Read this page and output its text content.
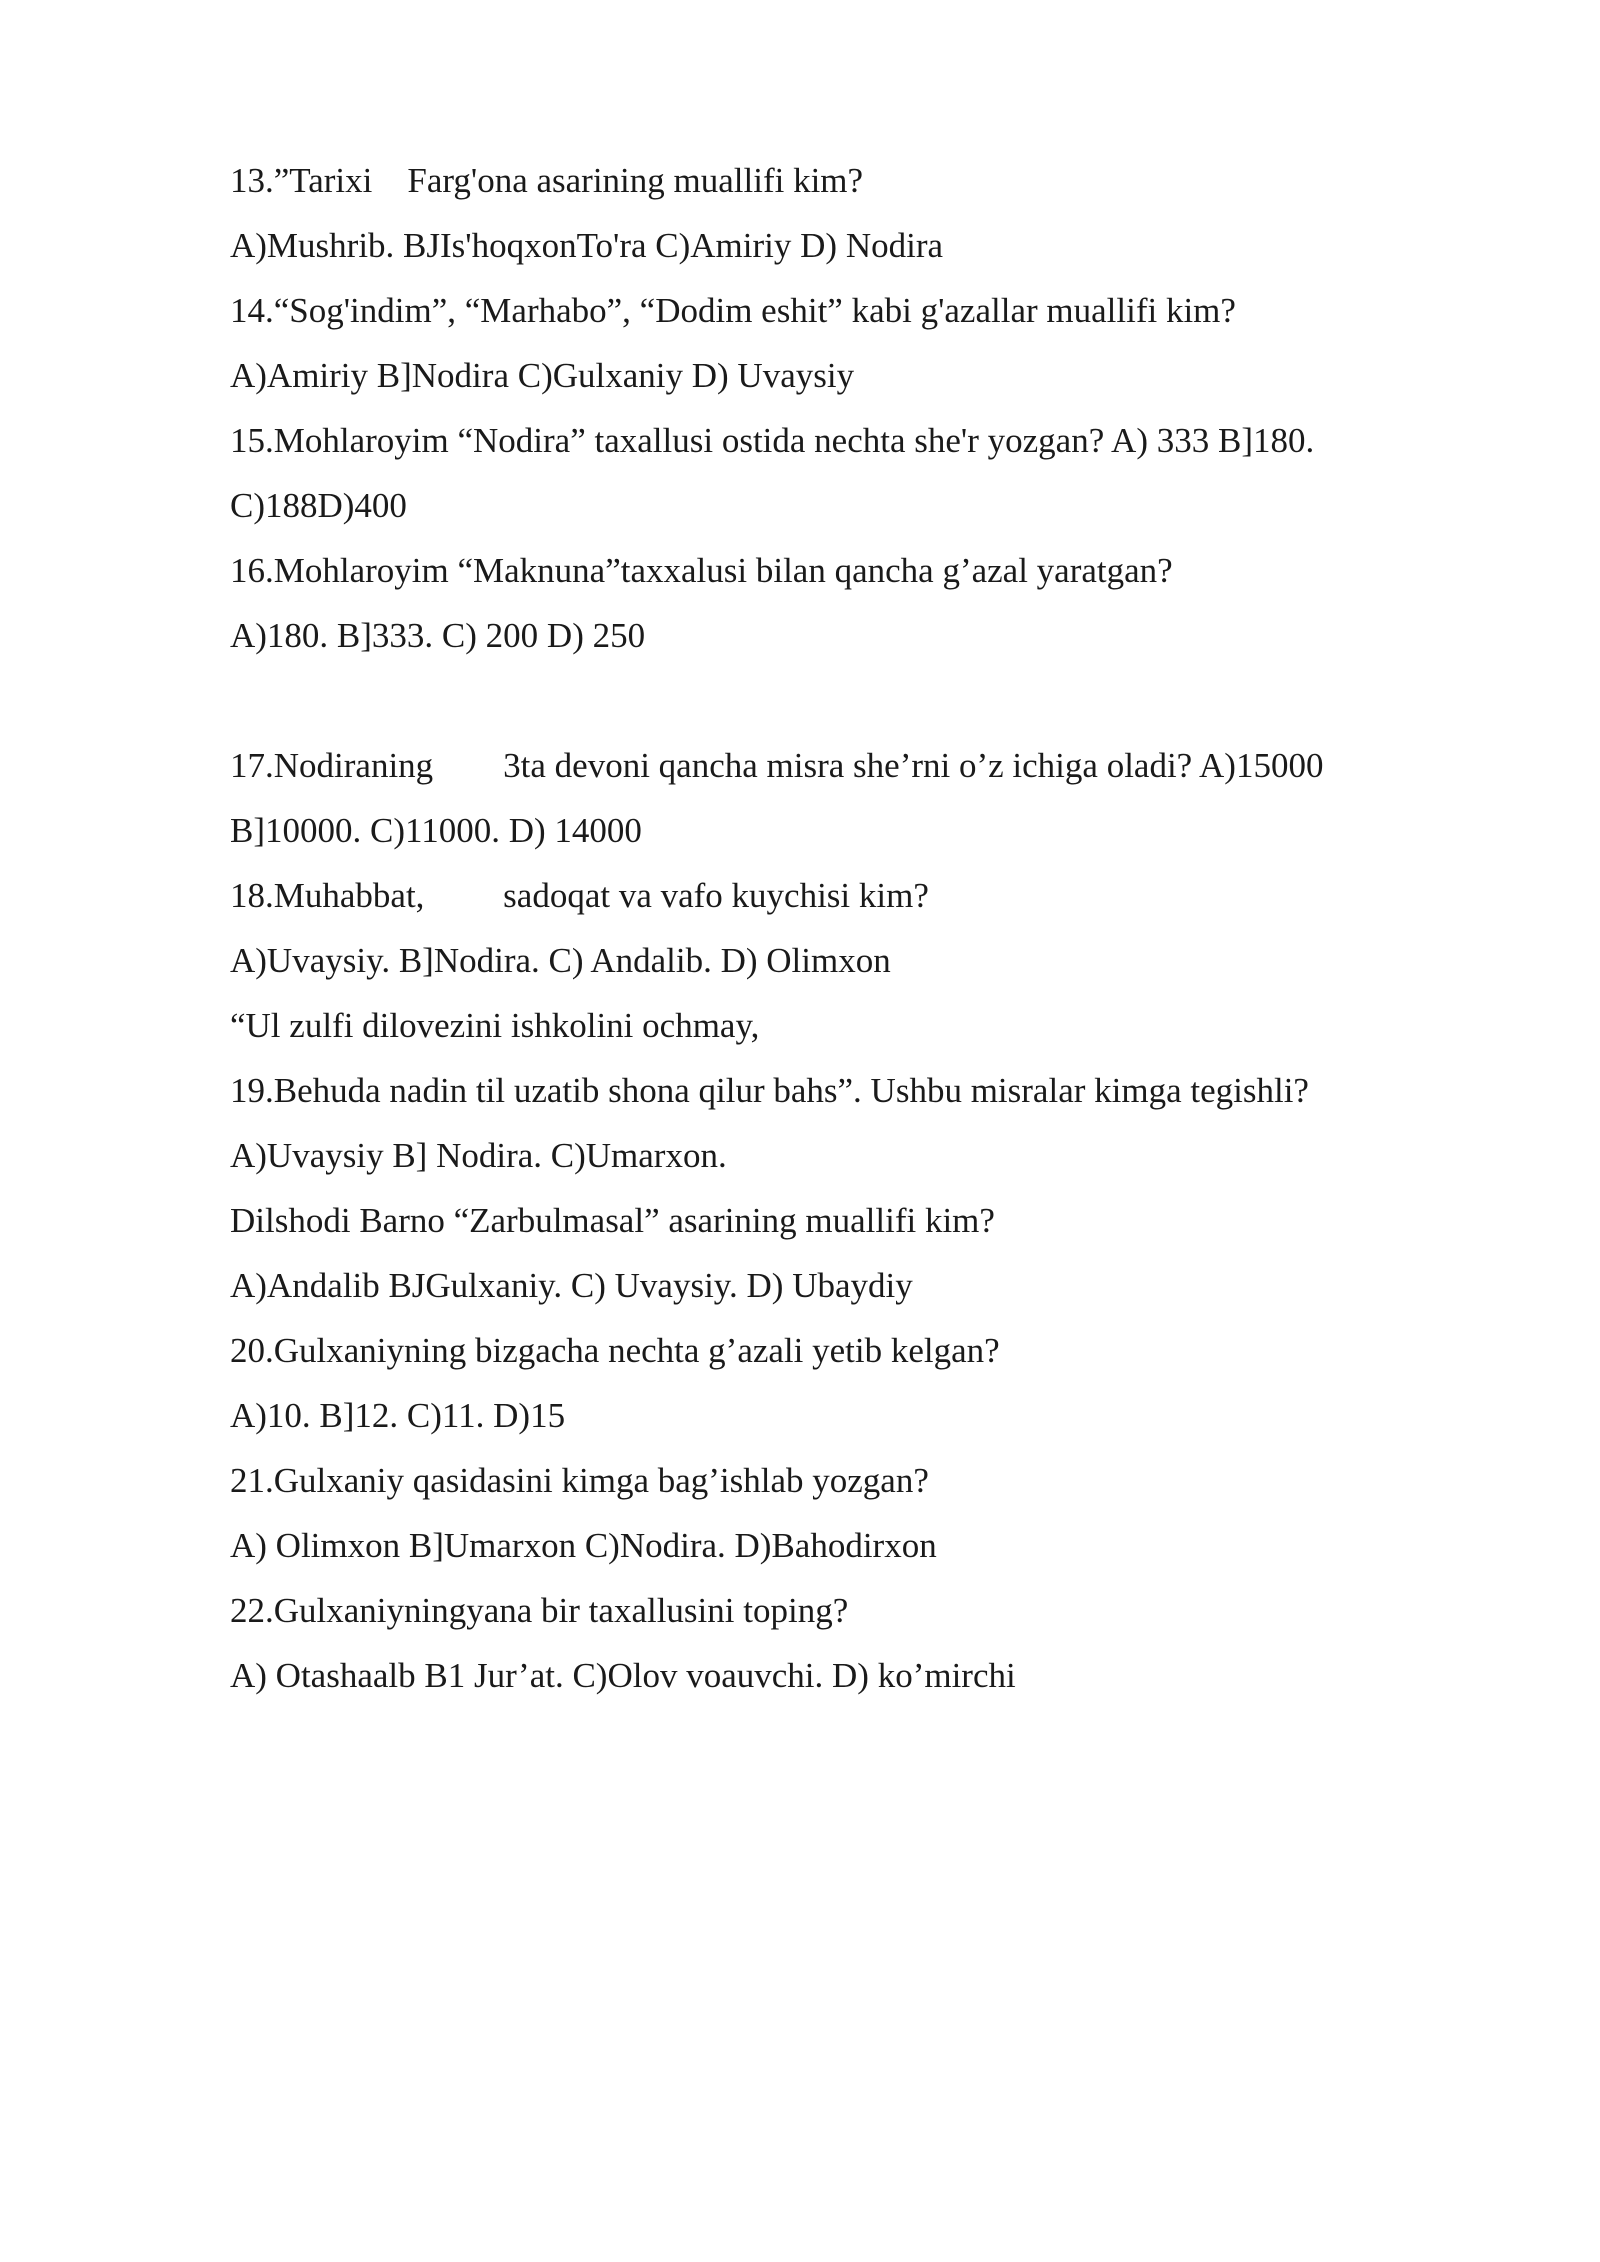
13.”Tarixi    Farg'ona asarining muallifi kim?

A)Mushrib. BJIs'hoqxonTo'ra C)Amiriy D) Nodira

14.“Sog'indim”, “Marhabo”, “Dodim eshit” kabi g'azallar muallifi kim?

A)Amiriy B]Nodira C)Gulxaniy D) Uvaysiy

15.Mohlaroyim “Nodira” taxallusi ostida nechta she'r yozgan? A) 333 B]180.

C)188D)400

16.Mohlaroyim “Maknuna”taxxalusi bilan qancha g’azal yaratgan?

A)180. B]333. C) 200 D) 250

17.Nodiraning        3ta devoni qancha misra she’rni o’z ichiga oladi? A)15000

B]10000. C)11000. D) 14000

18.Muhabbat,         sadoqat va vafo kuychisi kim?

A)Uvaysiy. B]Nodira. C) Andalib. D) Olimxon

“Ul zulfi dilovezini ishkolini ochmay,

19.Behuda nadin til uzatib shona qilur bahs”. Ushbu misralar kimga tegishli?

A)Uvaysiy B] Nodira. C)Umarxon.

Dilshodi Barno “Zarbulmasal” asarining muallifi kim?

A)Andalib BJGulxaniy. C) Uvaysiy. D) Ubaydiy

20.Gulxaniyning bizgacha nechta g’azali yetib kelgan?

A)10. B]12. C)11. D)15

21.Gulxaniy qasidasini kimga bag’ishlab yozgan?

A) Olimxon B]Umarxon C)Nodira. D)Bahodirxon

22.Gulxaniyningyana bir taxallusini toping?

A) Otashaalb B1 Jur’at. C)Olov voauvchi. D) ko’mirchi
